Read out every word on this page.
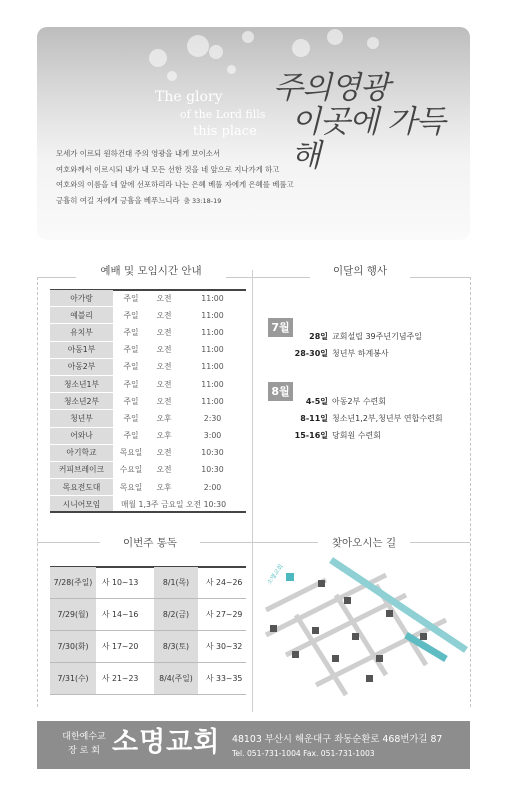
The glory
of the Lord fills
this place
주의영광
이곳에 가득해
모세가 이르되 원하건대 주의 영광을 내게 보이소서
여호와께서 이르시되 내가 내 모든 선한 것을 네 앞으로 지나가게 하고
여호와의 이름을 네 앞에 선포하리라 나는 은혜 베풀 자에게 은혜를 베풀고
긍휼히 여길 자에게 긍휼을 베푸느니라 출 33:18-19
예배 및 모임시간 안내
아가랑	주일	오전	11:00
예블리	주일	오전	11:00
유치부	주일	오전	11:00
아동1부	주일	오전	11:00
아동2부	주일	오전	11:00
청소년1부	주일	오전	11:00
청소년2부	주일	오전	11:00
청년부	주일	오후	2:30
어와나	주일	오후	3:00
아기학교	목요일	오전	10:30
커피브레이크	수요일	오전	10:30
목요전도대	목요일	오후	2:00
시니어모임	매월 1,3주 금요일 오전 10:30		
이달의 행사
7월
28일 교회설립 39주년기념주일
28-30일 청년부 하계봉사
8월
4-5일 아동2부 수련회
8-11일 청소년1,2부,청년부 연합수련회
15-16일 당회원 수련회
이번주 통독
7/28(주일)	사 10~13	8/1(목)	사 24~26
7/29(월)	사 14~16	8/2(금)	사 27~29
7/30(화)	사 17~20	8/3(토)	사 30~32
7/31(수)	사 21~23	8/4(주일)	사 33~35
찾아오시는 길
소명교회
대한예수교
장 로 회 소명교회 48103 부산시 해운대구 좌동순환로 468번가길 87
Tel. 051-731-1004 Fax. 051-731-1003
